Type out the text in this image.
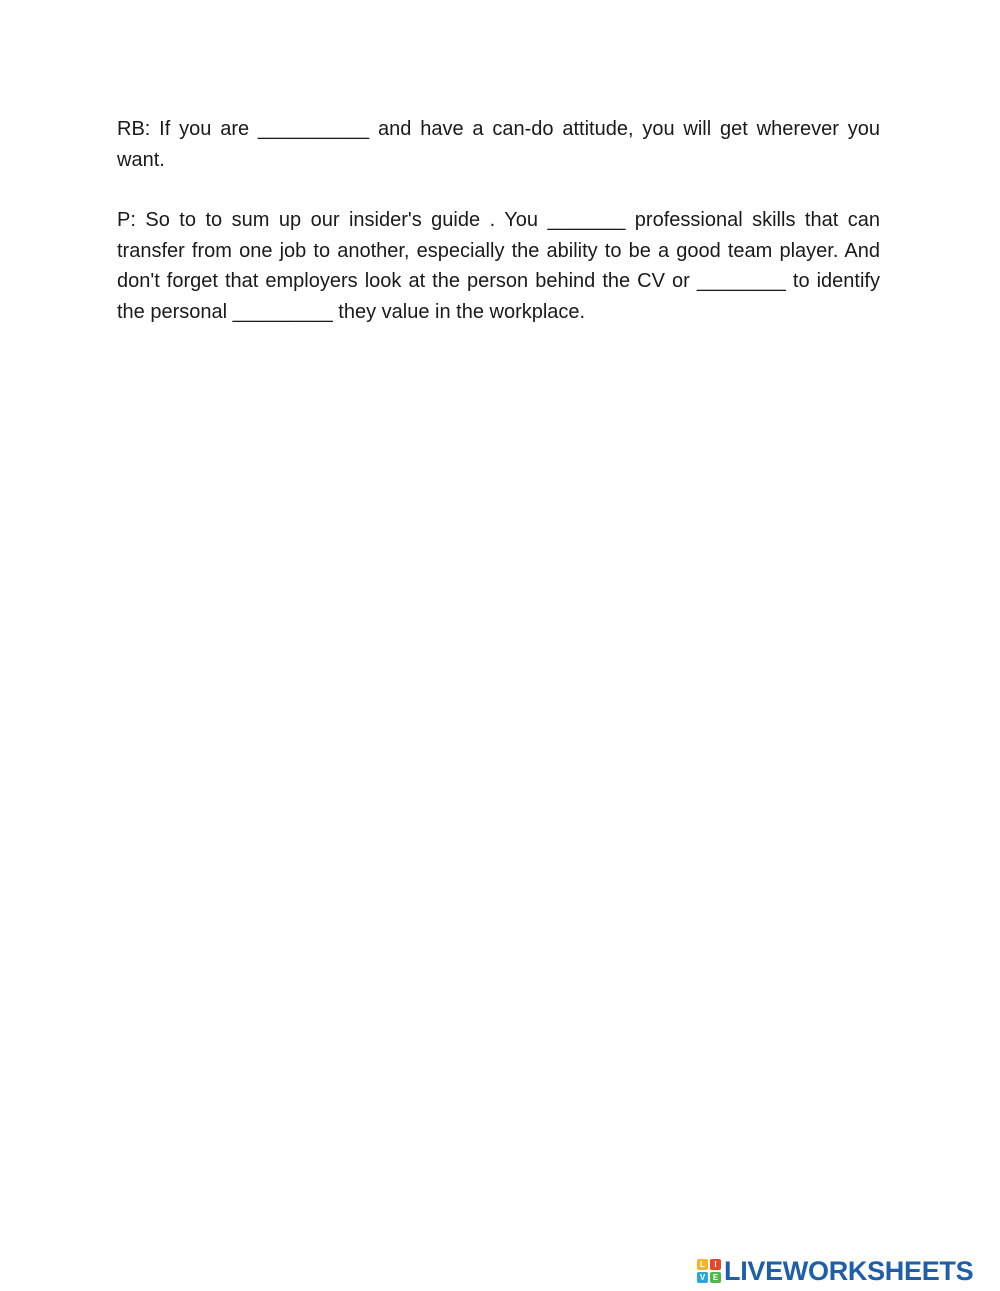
RB: If you are __________ and have a can-do attitude, you will get wherever you want.

P: So to to sum up our insider's guide . You _______ professional skills that can transfer from one job to another, especially the ability to be a good team player. And don't forget that employers look at the person behind the CV or ________ to identify the personal _________ they value in the workplace.

L	I
V E LIVEWORKSHEETS
